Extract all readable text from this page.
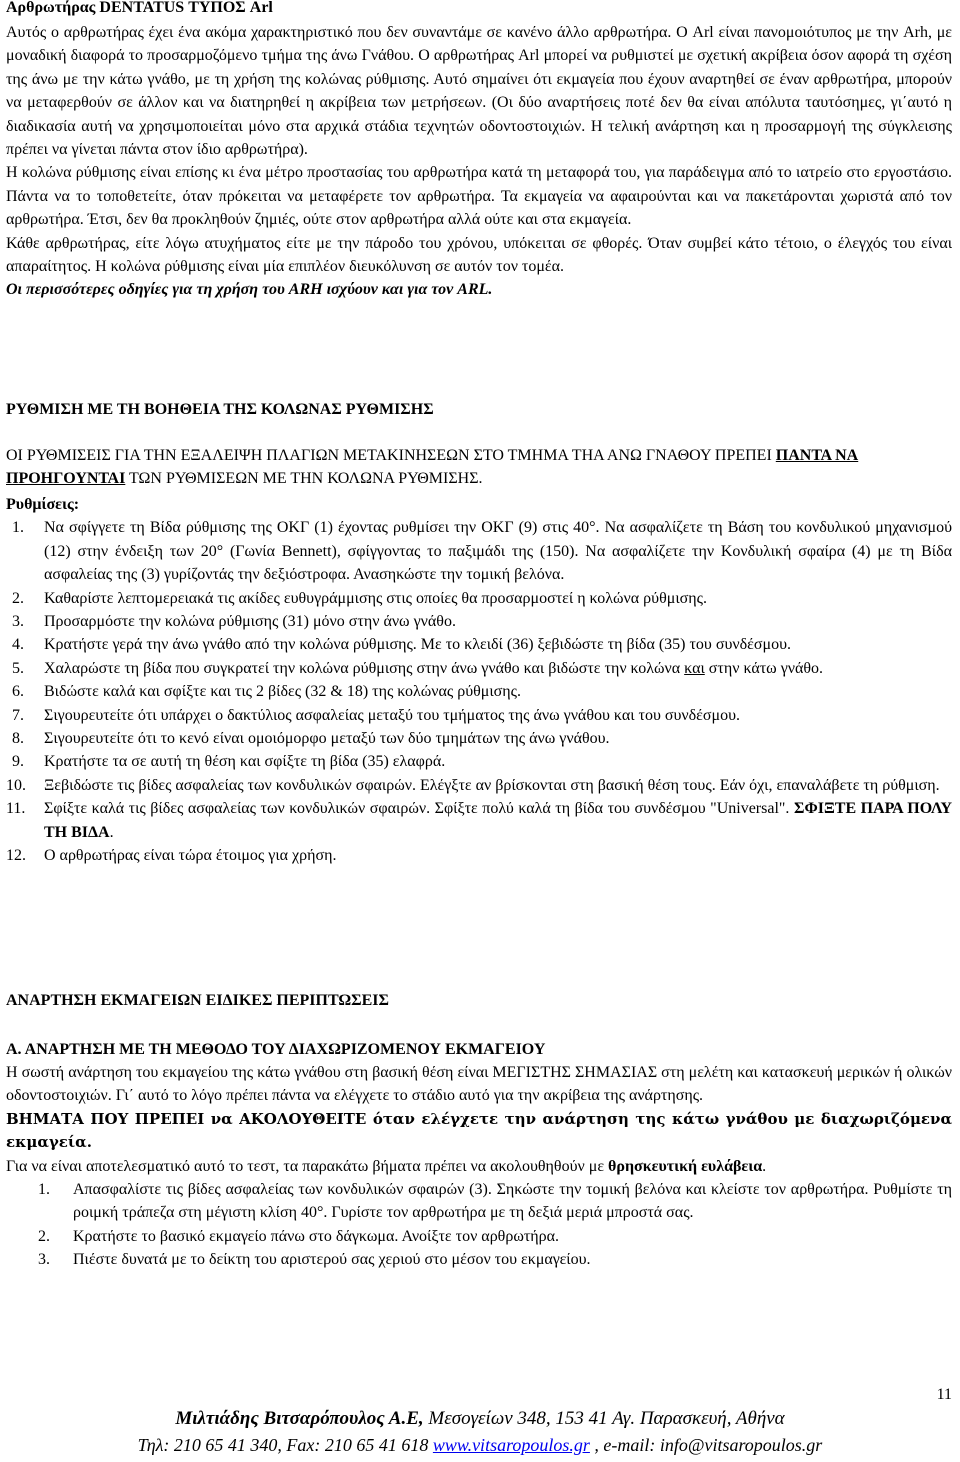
Αρθρωτήρας DENTATUS ΤΥΠΟΣ Arl

Αυτός ο αρθρωτήρας έχει ένα ακόμα χαρακτηριστικό που δεν συναντάμε σε κανένο άλλο αρθρωτήρα. Ο Arl είναι πανομοιότυπος με την Arh, με μοναδική διαφορά το προσαρμοζόμενο τμήμα της άνω Γνάθου. Ο αρθρωτήρας Arl μπορεί να ρυθμιστεί με σχετική ακρίβεια όσον αφορά τη σχέση της άνω με την κάτω γνάθο, με τη χρήση της κολώνας ρύθμισης. Αυτό σημαίνει ότι εκμαγεία που έχουν αναρτηθεί σε έναν αρθρωτήρα, μπορούν να μεταφερθούν σε άλλον και να διατηρηθεί η ακρίβεια των μετρήσεων. (Οι δύο αναρτήσεις ποτέ δεν θα είναι απόλυτα ταυτόσημες, γι΄αυτό η διαδικασία αυτή να χρησιμοποιείται μόνο στα αρχικά στάδια τεχνητών οδοντοστοιχιών. Η τελική ανάρτηση και η προσαρμογή της σύγκλεισης πρέπει να γίνεται πάντα στον ίδιο αρθρωτήρα).

Η κολώνα ρύθμισης είναι επίσης κι ένα μέτρο προστασίας του αρθρωτήρα κατά τη μεταφορά του, για παράδειγμα από το ιατρείο στο εργοστάσιο. Πάντα να το τοποθετείτε, όταν πρόκειται να μεταφέρετε τον αρθρωτήρα. Τα εκμαγεία να αφαιρούνται και να πακετάρονται χωριστά από τον αρθρωτήρα. Έτσι, δεν θα προκληθούν ζημιές, ούτε στον αρθρωτήρα αλλά ούτε και στα εκμαγεία.

Κάθε αρθρωτήρας, είτε λόγω ατυχήματος είτε με την πάροδο του χρόνου, υπόκειται σε φθορές. Όταν συμβεί κάτο τέτοιο, ο έλεγχός του είναι απαραίτητος. Η κολώνα ρύθμισης είναι μία επιπλέον διευκόλυνση σε αυτόν τον τομέα.

Οι περισσότερες οδηγίες για τη χρήση του ARH ισχύουν και για τον ARL.

ΡΥΘΜΙΣΗ ΜΕ ΤΗ ΒΟΗΘΕΙΑ ΤΗΣ ΚΟΛΩΝΑΣ ΡΥΘΜΙΣΗΣ
ΟΙ ΡΥΘΜΙΣΕΙΣ ΓΙΑ ΤΗΝ ΕΞΑΛΕΙΨΗ ΠΛΑΓΙΩΝ ΜΕΤΑΚΙΝΗΣΕΩΝ ΣΤΟ ΤΜΗΜΑ ΤΗΑ ΑΝΩ ΓΝΑΘΟΥ ΠΡΕΠΕΙ ΠΑΝΤΑ ΝΑ ΠΡΟΗΓΟΥΝΤΑΙ ΤΩΝ ΡΥΘΜΙΣΕΩΝ ΜΕ ΤΗΝ ΚΟΛΩΝΑ ΡΥΘΜΙΣΗΣ.

Ρυθμίσεις:

1. Να σφίγγετε τη Βίδα ρύθμισης της ΟΚΓ (1) έχοντας ρυθμίσει την ΟΚΓ (9) στις 40°. Να ασφαλίζετε τη Βάση του κονδυλικού μηχανισμού (12) στην ένδειξη των 20° (Γωνία Bennett), σφίγγοντας το παξιμάδι της (150). Να ασφαλίζετε την Κονδυλική σφαίρα (4) με τη Βίδα ασφαλείας της (3) γυρίζοντάς την δεξιόστροφα. Ανασηκώστε την τομική βελόνα.
2. Καθαρίστε λεπτομερειακά τις ακίδες ευθυγράμμισης στις οποίες θα προσαρμοστεί η κολώνα ρύθμισης.
3. Προσαρμόστε την κολώνα ρύθμισης (31) μόνο στην άνω γνάθο.
4. Κρατήστε γερά την άνω γνάθο από την κολώνα ρύθμισης. Με το κλειδί (36) ξεβιδώστε τη βίδα (35) του συνδέσμου.
5. Χαλαρώστε τη βίδα που συγκρατεί την κολώνα ρύθμισης στην άνω γνάθο και βιδώστε την κολώνα και στην κάτω γνάθο.
6. Βιδώστε καλά και σφίξτε και τις 2 βίδες (32 & 18) της κολώνας ρύθμισης.
7. Σιγουρευτείτε ότι υπάρχει ο δακτύλιος ασφαλείας μεταξύ του τμήματος της άνω γνάθου και του συνδέσμου.
8. Σιγουρευτείτε ότι το κενό είναι ομοιόμορφο μεταξύ των δύο τμημάτων της άνω γνάθου.
9. Κρατήστε τα σε αυτή τη θέση και σφίξτε τη βίδα (35) ελαφρά.
10. Ξεβιδώστε τις βίδες ασφαλείας των κονδυλικών σφαιρών. Ελέγξτε αν βρίσκονται στη βασική θέση τους. Εάν όχι, επαναλάβετε τη ρύθμιση.
11. Σφίξτε καλά τις βίδες ασφαλείας των κονδυλικών σφαιρών. Σφίξτε πολύ καλά τη βίδα του συνδέσμου "Universal". ΣΦΙΞΤΕ ΠΑΡΑ ΠΟΛΥ ΤΗ ΒΙΔΑ.
12. Ο αρθρωτήρας είναι τώρα έτοιμος για χρήση.
ΑΝΑΡΤΗΣΗ ΕΚΜΑΓΕΙΩΝ ΕΙΔΙΚΕΣ ΠΕΡΙΠΤΩΣΕΙΣ
Α. ΑΝΑΡΤΗΣΗ ΜΕ ΤΗ ΜΕΘΟΔΟ ΤΟΥ ΔΙΑΧΩΡΙΖΟΜΕΝΟΥ ΕΚΜΑΓΕΙΟΥ

Η σωστή ανάρτηση του εκμαγείου της κάτω γνάθου στη βασική θέση είναι ΜΕΓΙΣΤΗΣ ΣΗΜΑΣΙΑΣ στη μελέτη και κατασκευή μερικών ή ολικών οδοντοστοιχιών. Γι΄ αυτό το λόγο πρέπει πάντα να ελέγχετε το στάδιο αυτό για την ακρίβεια της ανάρτησης.

ΒΗΜΑΤΑ ΠΟΥ ΠΡΕΠΕΙ να ΑΚΟΛΟΥΘΕΙΤΕ όταν ελέγχετε την ανάρτηση της κάτω γνάθου με διαχωριζόμενα εκμαγεία.

Για να είναι αποτελεσματικό αυτό το τεστ, τα παρακάτω βήματα πρέπει να ακολουθηθούν με θρησκευτική ευλάβεια.

1. Απασφαλίστε τις βίδες ασφαλείας των κονδυλικών σφαιρών (3). Σηκώστε την τομική βελόνα και κλείστε τον αρθρωτήρα. Ρυθμίστε τη ροιμκή τράπεζα στη μέγιστη κλίση 40°. Γυρίστε τον αρθρωτήρα με τη δεξιά μεριά μπροστά σας.
2. Κρατήστε το βασικό εκμαγείο πάνω στο δάγκωμα. Ανοίξτε τον αρθρωτήρα.
3. Πιέστε δυνατά με το δείκτη του αριστερού σας χεριού στο μέσον του εκμαγείου.
11
Μιλτιάδης Βιτσαρόπουλος Α.Ε, Μεσογείων 348, 153 41 Αγ. Παρασκευή, Αθήνα
Τηλ: 210 65 41 340, Fax: 210 65 41 618 www.vitsaropoulos.gr , e-mail: info@vitsaropoulos.gr
